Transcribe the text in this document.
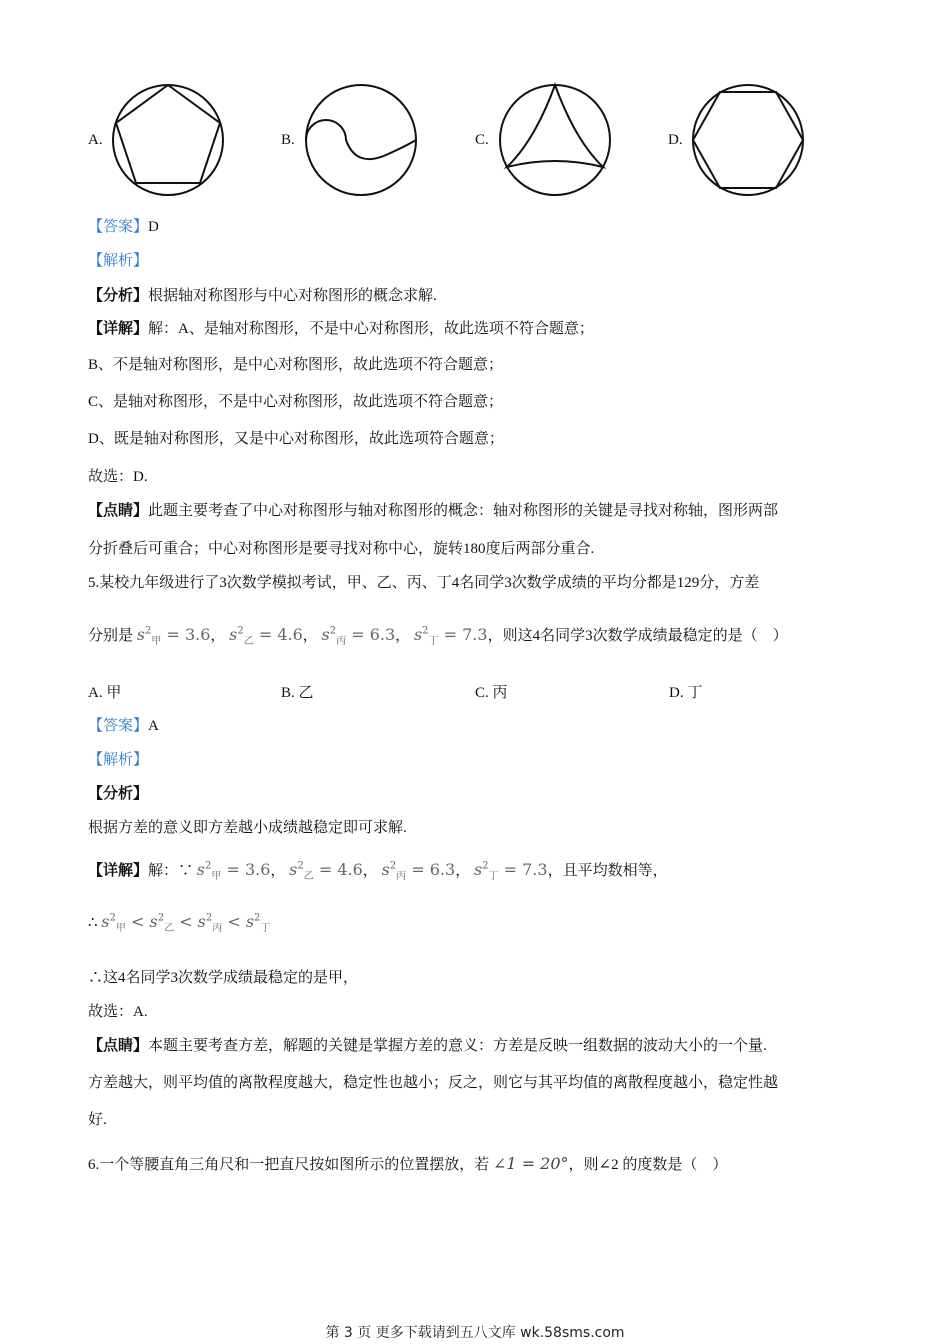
A.	B.	C.	D.
【答案】D
【解析】
【分析】根据轴对称图形与中心对称图形的概念求解.
【详解】解：A、是轴对称图形，不是中心对称图形，故此选项不符合题意；
B、不是轴对称图形，是中心对称图形，故此选项不符合题意；
C、是轴对称图形，不是中心对称图形，故此选项不符合题意；
D、既是轴对称图形，又是中心对称图形，故此选项符合题意；
故选：D.
【点睛】此题主要考查了中心对称图形与轴对称图形的概念：轴对称图形的关键是寻找对称轴，图形两部
分折叠后可重合；中心对称图形是要寻找对称中心，旋转180度后两部分重合.
5.某校九年级进行了3次数学模拟考试，甲、乙、丙、丁4名同学3次数学成绩的平均分都是129分，方差
分别是 $s^2_甲 = 3.6$， $s^2_乙 = 4.6$， $s^2_丙 = 6.3$， $s^2_丁 = 7.3$，则这4名同学3次数学成绩最稳定的是（　）
A. 甲	B. 乙	C. 丙	D. 丁
【答案】A
【解析】
【分析】
根据方差的意义即方差越小成绩越稳定即可求解.
【详解】解：∵ $s^2_甲 = 3.6$， $s^2_乙 = 4.6$， $s^2_丙 = 6.3$， $s^2_丁 = 7.3$，且平均数相等，
∴ $s^2_甲 < s^2_乙 < s^2_丙 < s^2_丁$
∴这4名同学3次数学成绩最稳定的是甲，
故选：A.
【点睛】本题主要考查方差，解题的关键是掌握方差的意义：方差是反映一组数据的波动大小的一个量.
方差越大，则平均值的离散程度越大，稳定性也越小；反之，则它与其平均值的离散程度越小，稳定性越
好.
6.一个等腰直角三角尺和一把直尺按如图所示的位置摆放，若 ∠1 = 20°，则∠2 的度数是（　）
第 3 页 更多下载请到五八文库 wk.58sms.com
